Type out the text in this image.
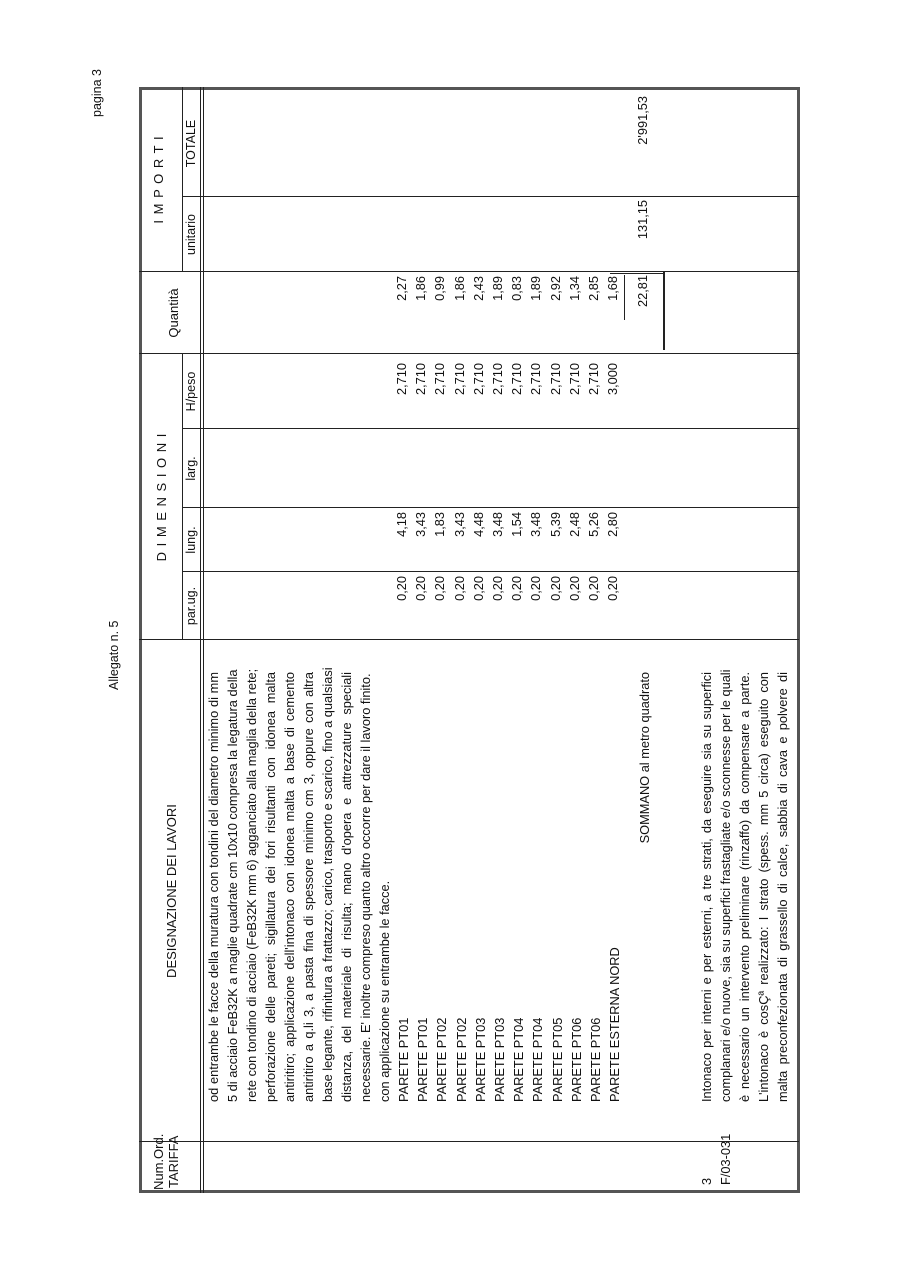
pagina 3
Allegato n. 5
Num.Ord. TARIFFA
DESIGNAZIONE DEI LAVORI
D I M E N S I O N I
par.ug.
lung.
larg.
H/peso
Quantità
I M P O R T I
unitario
TOTALE
od entrambe le facce della muratura con tondini del diametro minimo di mm 5 di acciaio FeB32K a maglie quadrate cm 10x10 compresa la legatura della rete con tondino di acciaio (FeB32K mm 6) agganciato alla maglia della rete; perforazione delle pareti; sigillatura dei fori risultanti con idonea malta antiritiro; applicazione dell'intonaco con idonea malta a base di cemento antiritiro a q.li 3, a pasta fina di spessore minimo cm 3, oppure con altra base legante, rifinitura a frattazzo; carico, trasporto e scarico, fino a qualsiasi distanza, del materiale di risulta; mano d'opera e attrezzature speciali necessarie. E' inoltre compreso quanto altro occorre per dare il lavoro finito. con applicazione su entrambe le facce. PARETE PT01
0,20
4,18
2,710
2,27
PARETE PT01
0,20
3,43
2,710
1,86
PARETE PT02
0,20
1,83
2,710
0,99
PARETE PT02
0,20
3,43
2,710
1,86
PARETE PT03
0,20
4,48
2,710
2,43
PARETE PT03
0,20
3,48
2,710
1,89
PARETE PT04
0,20
1,54
2,710
0,83
PARETE PT04
0,20
3,48
2,710
1,89
PARETE PT05
0,20
5,39
2,710
2,92
PARETE PT06
0,20
2,48
2,710
1,34
PARETE PT06
0,20
5,26
2,710
2,85
PARETE ESTERNA NORD
0,20
2,80
3,000
1,68
SOMMANO al metro quadrato
22,81
131,15
2'991,53
3 F/03-031
Intonaco per interni e per esterni, a tre strati, da eseguire sia su superfici complanari e/o nuove, sia su superfici frastagliate e/o sconnesse per le quali è necessario un intervento preliminare (rinzaffo) da compensare a parte. L'intonaco è cosÇª realizzato: I strato (spess. mm 5 circa) eseguito con malta preconfezionata di grassello di calce, sabbia di cava e polvere di
